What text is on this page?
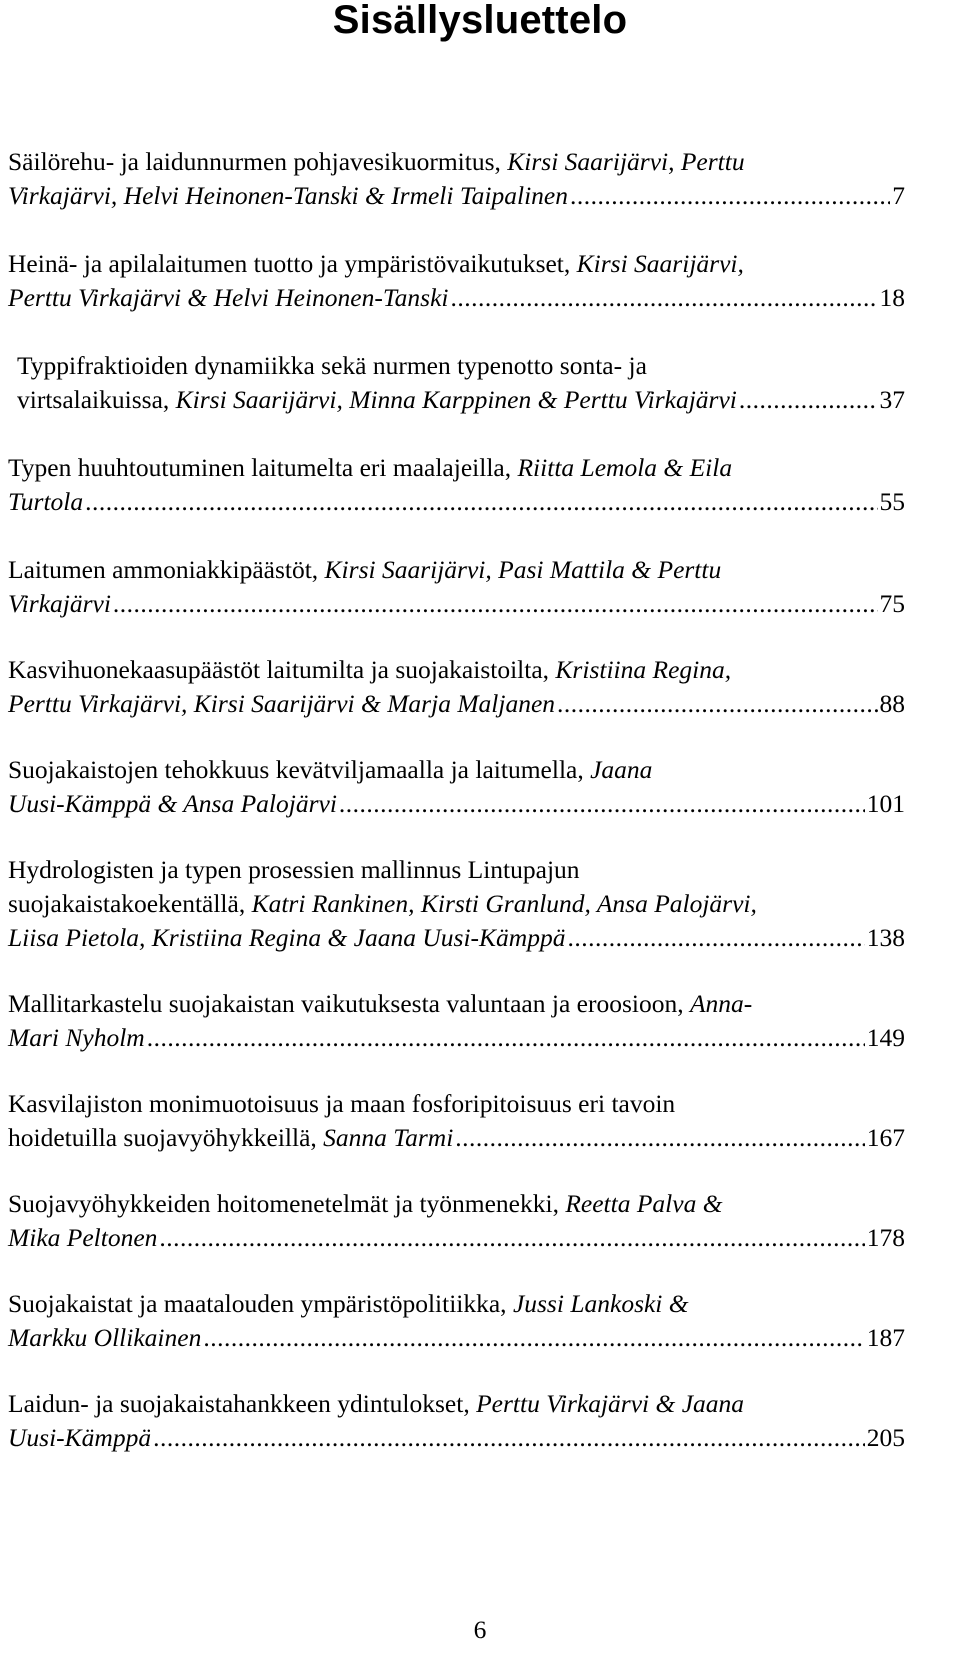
Sisällysluettelo
Säilörehu- ja laidunnurmen pohjavesikuormitus, Kirsi Saarijärvi, Perttu
Virkajärvi, Helvi Heinonen-Tanski & Irmeli Taipalinen .....	7
Heinä- ja apilalaitumen tuotto ja ympäristövaikutukset, Kirsi Saarijärvi,
Perttu Virkajärvi & Helvi Heinonen-Tanski .....	18
Typpifraktioiden dynamiikka sekä nurmen typenotto sonta- ja
virtsalaikuissa, Kirsi Saarijärvi, Minna Karppinen & Perttu Virkajärvi .....	37
Typen huuhtoutuminen laitumelta eri maalajeilla, Riitta Lemola & Eila
Turtola .....	55
Laitumen ammoniakkipäästöt, Kirsi Saarijärvi, Pasi Mattila & Perttu
Virkajärvi .....	75
Kasvihuonekaasupäästöt laitumilta ja suojakaistoilta, Kristiina Regina,
Perttu Virkajärvi, Kirsi Saarijärvi & Marja Maljanen .....	88
Suojakaistojen tehokkuus kevätviljamaalla ja laitumella, Jaana
Uusi-Kämppä & Ansa Palojärvi .....	101
Hydrologisten ja typen prosessien mallinnus Lintupajun
suojakaistakoekentällä, Katri Rankinen, Kirsti Granlund, Ansa Palojärvi,
Liisa Pietola, Kristiina Regina & Jaana Uusi-Kämppä .....	138
Mallitarkastelu suojakaistan vaikutuksesta valuntaan ja eroosioon, Anna-
Mari Nyholm .....	149
Kasvilajiston monimuotoisuus ja maan fosforipitoisuus eri tavoin
hoidetuilla suojavyöhykkeillä, Sanna Tarmi .....	167
Suojavyöhykkeiden hoitomenetelmät ja työnmenekki, Reetta Palva &
Mika Peltonen .....	178
Suojakaistat ja maatalouden ympäristöpolitiikka, Jussi Lankoski &
Markku Ollikainen .....	187
Laidun- ja suojakaistahankkeen ydintulokset, Perttu Virkajärvi & Jaana
Uusi-Kämppä .....	205
6
